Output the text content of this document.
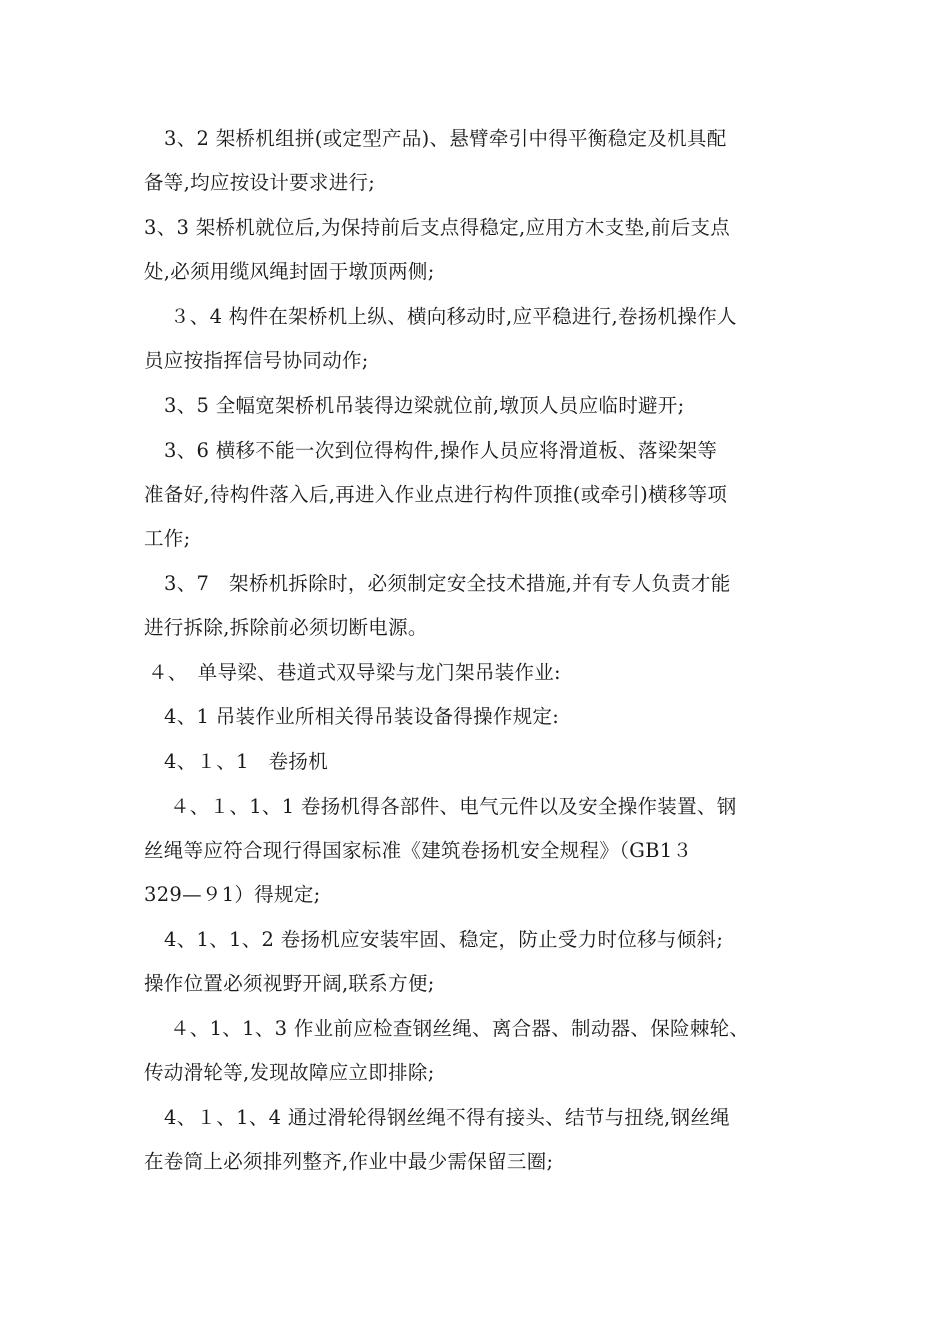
3、2 架桥机组拼(或定型产品)、悬臂牵引中得平衡稳定及机具配
备等,均应按设计要求进行;
3、3 架桥机就位后,为保持前后支点得稳定,应用方木支垫,前后支点
处,必须用缆风绳封固于墩顶两侧;
３、4 构件在架桥机上纵、横向移动时,应平稳进行,卷扬机操作人
员应按指挥信号协同动作;
3、5 全幅宽架桥机吊装得边梁就位前,墩顶人员应临时避开;
3、6 横移不能一次到位得构件,操作人员应将滑道板、落梁架等
准备好,待构件落入后,再进入作业点进行构件顶推(或牵引)横移等项
工作;
3、7　架桥机拆除时，必须制定安全技术措施,并有专人负责才能
进行拆除,拆除前必须切断电源。
４、　单导梁、巷道式双导梁与龙门架吊装作业:
4、1 吊装作业所相关得吊装设备得操作规定:
4、１、1　卷扬机
４、１、1、1 卷扬机得各部件、电气元件以及安全操作装置、钢
丝绳等应符合现行得国家标准《建筑卷扬机安全规程》（GB1３
329—９1）得规定;
4、1、1、2 卷扬机应安装牢固、稳定，防止受力时位移与倾斜;
操作位置必须视野开阔,联系方便;
４、1、1、3 作业前应检查钢丝绳、离合器、制动器、保险棘轮、
传动滑轮等,发现故障应立即排除;
4、１、1、4 通过滑轮得钢丝绳不得有接头、结节与扭绕,钢丝绳
在卷筒上必须排列整齐,作业中最少需保留三圈;
